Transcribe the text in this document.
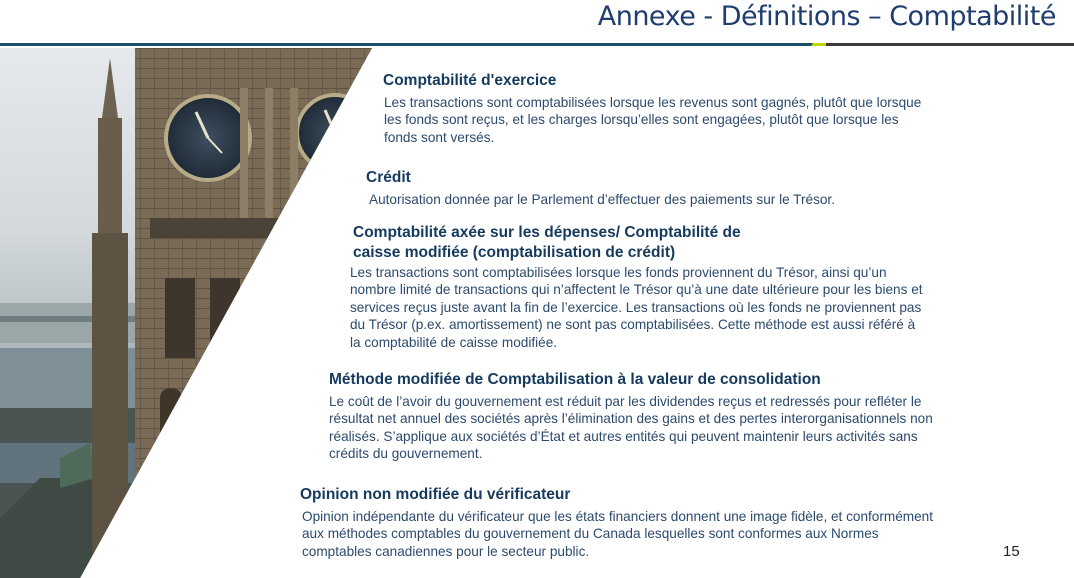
Annexe - Définitions – Comptabilité
Comptabilité d'exercice
Les transactions sont comptabilisées lorsque les revenus sont gagnés, plutôt que lorsque
les fonds sont reçus, et les charges lorsqu’elles sont engagées, plutôt que lorsque les
fonds sont versés.
Crédit
Autorisation donnée par le Parlement d’effectuer des paiements sur le Trésor.
Comptabilité axée sur les dépenses/ Comptabilité de
caisse modifiée (comptabilisation de crédit)
Les transactions sont comptabilisées lorsque les fonds proviennent du Trésor, ainsi qu’un
nombre limité de transactions qui n’affectent le Trésor qu’à une date ultérieure pour les biens et
services reçus juste avant la fin de l’exercice. Les transactions où les fonds ne proviennent pas
du Trésor (p.ex. amortissement) ne sont pas comptabilisées. Cette méthode est aussi référé à
la comptabilité de caisse modifiée.
Méthode modifiée de Comptabilisation à la valeur de consolidation
Le coût de l’avoir du gouvernement est réduit par les dividendes reçus et redressés pour refléter le
résultat net annuel des sociétés après l’élimination des gains et des pertes interorganisationnels non
réalisés. S’applique aux sociétés d’État et autres entités qui peuvent maintenir leurs activités sans
crédits du gouvernement.
Opinion non modifiée du vérificateur
Opinion indépendante du vérificateur que les états financiers donnent une image fidèle, et conformément
aux méthodes comptables du gouvernement du Canada lesquelles sont conformes aux Normes
comptables canadiennes pour le secteur public.	15
